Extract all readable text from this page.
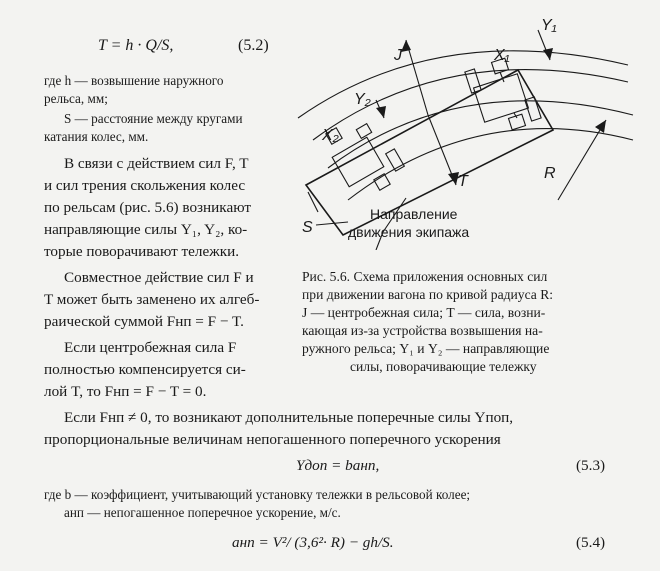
T = h · Q/S,	(5.2)
где h — возвышение наружного
рельса, мм;
S — расстояние между кругами
катания колес, мм.
В связи с действием сил F, T
и сил трения скольжения колес
по рельсам (рис. 5.6) возникают
направляющие силы Y₁, Y₂, ко-
торые поворачивают тележки.
Совместное действие сил F и
T может быть заменено их алгеб-
раической суммой Fнп = F − T.
Если центробежная сила F
полностью компенсируется си-
лой T, то Fнп = F − T = 0.
J
Y₁
X₁
Y₂
X₂
T	R
S
Направление
движения экипажа
Рис. 5.6. Схема приложения основных сил
при движении вагона по кривой радиуса R:
J — центробежная сила; T — сила, возни-
кающая из-за устройства возвышения на-
ружного рельса; Y₁ и Y₂ — направляющие
силы, поворачивающие тележку
Если Fнп ≠ 0, то возникают дополнительные поперечные силы Yпоп,
пропорциональные величинам непогашенного поперечного ускорения
Yдоп = baнп,	(5.3)
где b — коэффициент, учитывающий установку тележки в рельсовой колее;
aнп — непогашенное поперечное ускорение, м/с.
aнп = V²/ (3,6²· R) − gh/S.	(5.4)
